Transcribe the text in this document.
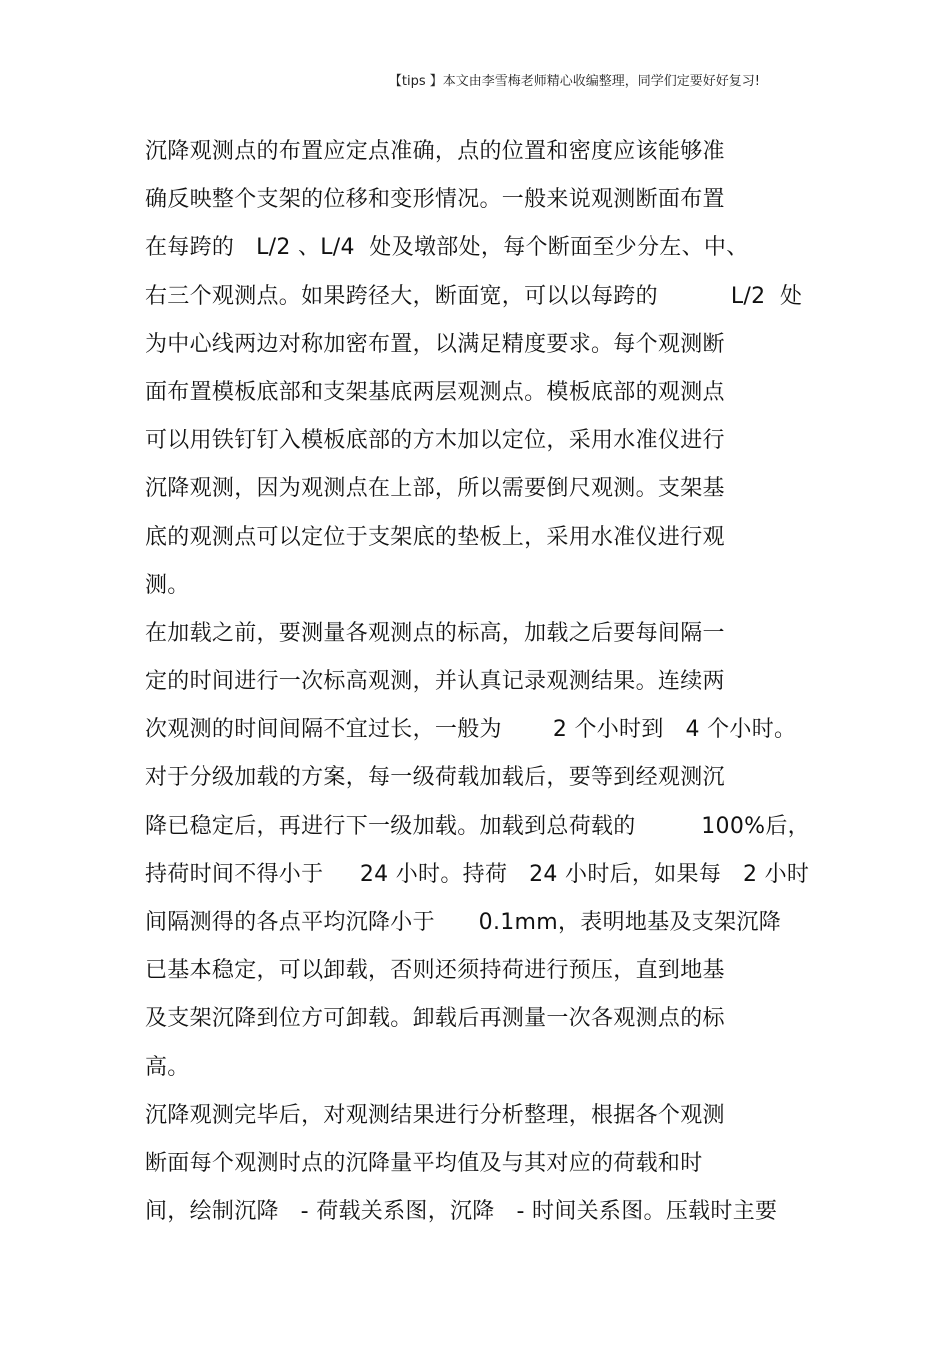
【tips 】本文由李雪梅老师精心收编整理，同学们定要好好复习!
沉降观测点的布置应定点准确，点的位置和密度应该能够准
确反映整个支架的位移和变形情况。一般来说观测断面布置
在每跨的   L/2 、L/4  处及墩部处，每个断面至少分左、中、
右三个观测点。如果跨径大，断面宽，可以以每跨的          L/2  处
为中心线两边对称加密布置，以满足精度要求。每个观测断
面布置模板底部和支架基底两层观测点。模板底部的观测点
可以用铁钉钉入模板底部的方木加以定位，采用水准仪进行
沉降观测，因为观测点在上部，所以需要倒尺观测。支架基
底的观测点可以定位于支架底的垫板上，采用水准仪进行观
测。
在加载之前，要测量各观测点的标高，加载之后要每间隔一
定的时间进行一次标高观测，并认真记录观测结果。连续两
次观测的时间间隔不宜过长，一般为       2 个小时到   4 个小时。
对于分级加载的方案，每一级荷载加载后，要等到经观测沉
降已稳定后，再进行下一级加载。加载到总荷载的         100%后，
持荷时间不得小于     24 小时。持荷   24 小时后，如果每   2 小时
间隔测得的各点平均沉降小于      0.1mm，表明地基及支架沉降
已基本稳定，可以卸载，否则还须持荷进行预压，直到地基
及支架沉降到位方可卸载。卸载后再测量一次各观测点的标
高。
沉降观测完毕后，对观测结果进行分析整理，根据各个观测
断面每个观测时点的沉降量平均值及与其对应的荷载和时
间，绘制沉降   - 荷载关系图，沉降   - 时间关系图。压载时主要
